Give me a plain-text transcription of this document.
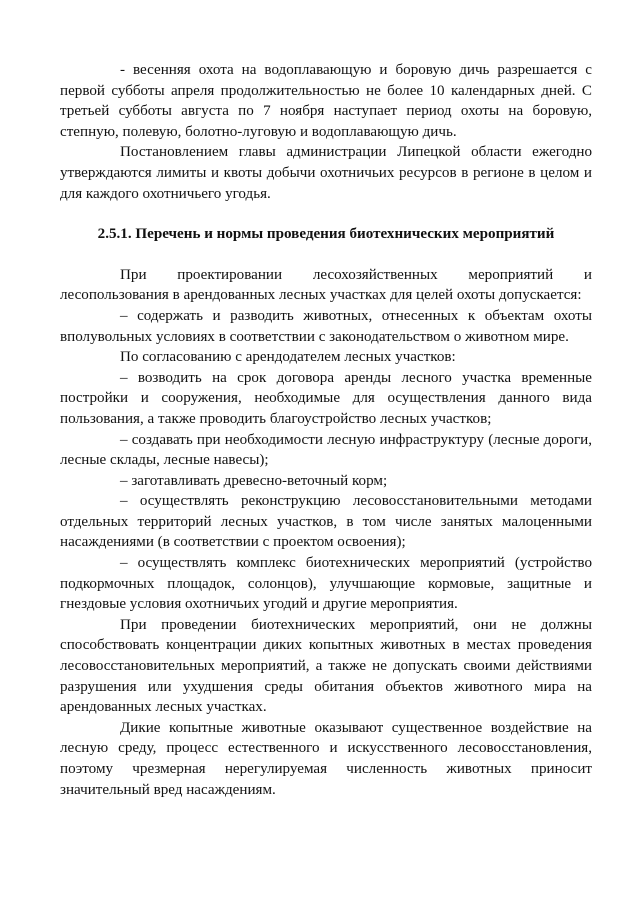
- весенняя охота на водоплавающую и боровую дичь разрешается с первой субботы апреля продолжительностью не более 10 календарных дней. С третьей субботы августа по 7 ноября наступает период охоты на боровую, степную, полевую, болотно-луговую и водоплавающую дичь.

Постановлением главы администрации Липецкой области ежегодно утверждаются лимиты и квоты добычи охотничьих ресурсов в регионе в целом и для каждого охотничьего угодья.

2.5.1. Перечень и нормы проведения биотехнических мероприятий

При проектировании лесохозяйственных мероприятий и лесопользования в арендованных лесных участках для целей охоты допускается:

– содержать и разводить животных, отнесенных к объектам охоты вполувольных условиях в соответствии с законодательством о животном мире.

По согласованию с арендодателем лесных участков:

– возводить на срок договора аренды лесного участка временные постройки и сооружения, необходимые для осуществления данного вида пользования, а также проводить благоустройство лесных участков;

– создавать при необходимости лесную инфраструктуру (лесные дороги, лесные склады, лесные навесы);

– заготавливать древесно-веточный корм;

– осуществлять реконструкцию лесовосстановительными методами отдельных территорий лесных участков, в том числе занятых малоценными насаждениями (в соответствии с проектом освоения);

– осуществлять комплекс биотехнических мероприятий (устройство подкормочных площадок, солонцов), улучшающие кормовые, защитные и гнездовые условия охотничьих угодий и другие мероприятия.

При проведении биотехнических мероприятий, они не должны способствовать концентрации диких копытных животных в местах проведения лесовосстановительных мероприятий, а также не допускать своими действиями разрушения или ухудшения среды обитания объектов животного мира на арендованных лесных участках.

Дикие копытные животные оказывают существенное воздействие на лесную среду, процесс естественного и искусственного лесовосстановления, поэтому чрезмерная нерегулируемая численность животных приносит значительный вред насаждениям.
